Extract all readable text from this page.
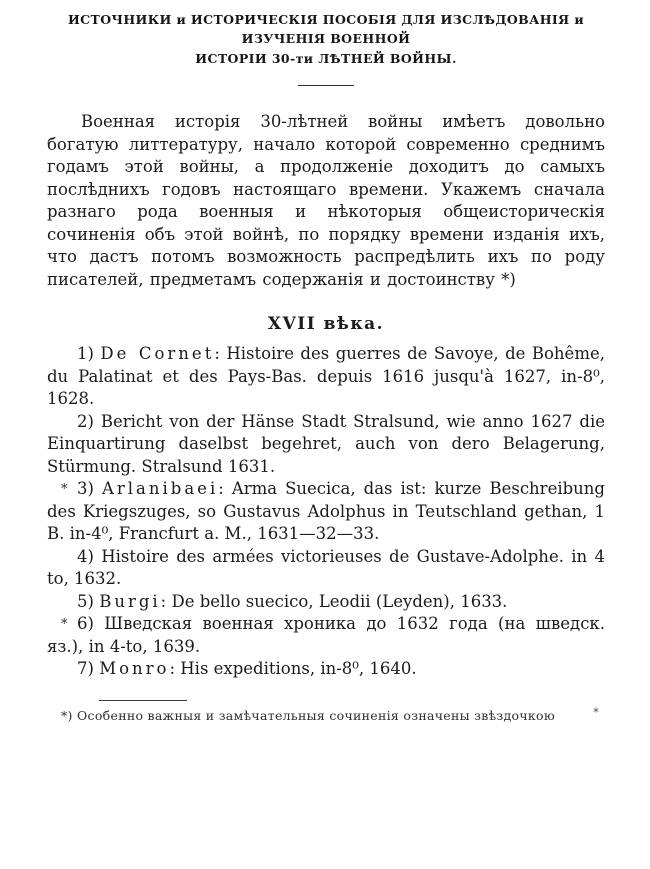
ИСТОЧНИКИ и ИСТОРИЧЕСКІЯ ПОСОБІЯ ДЛЯ ИЗСЛѢДОВАНІЯ и ИЗУЧЕНІЯ ВОЕННОЙ
ИСТОРІИ 30-ти ЛѢТНЕЙ ВОЙНЫ.

Военная исторія 30-лѣтней войны имѣетъ довольно богатую литтературу, начало которой современно среднимъ годамъ этой войны, а продолженіе доходитъ до самыхъ послѣднихъ годовъ настоящаго времени. Укажемъ сначала разнаго рода военныя и нѣкоторыя общеисторическія сочиненія объ этой войнѣ, по порядку времени изданія ихъ, что дастъ потомъ возможность распредѣлить ихъ по роду писателей, предметамъ содержанія и достоинству *)

XVII вѣка.

1) De Cornet: Histoire des guerres de Savoye, de Bohême, du Palatinat et des Pays-Bas. depuis 1616 jusqu'à 1627, in-8⁰, 1628.

2) Bericht von der Hänse Stadt Stralsund, wie anno 1627 die Einquartirung daselbst begehret, auch von dero Belagerung, Stürmung. Stralsund 1631.

* 3) Arlanibaei: Arma Suecica, das ist: kurze Beschreibung des Kriegszuges, so Gustavus Adolphus in Teutschland gethan, 1 B. in-4⁰, Francfurt a. M., 1631—32—33.

4) Histoire des armées victorieuses de Gustave-Adolphe. in 4 to, 1632.

5) Burgi: De bello suecico, Leodii (Leyden), 1633.

* 6) Шведская военная хроника до 1632 года (на шведск. яз.), in 4-to, 1639.

7) Monro: His expeditions, in-8⁰, 1640.

*) Особенно важныя и замѣчательныя сочиненія означены звѣздочкою	*
